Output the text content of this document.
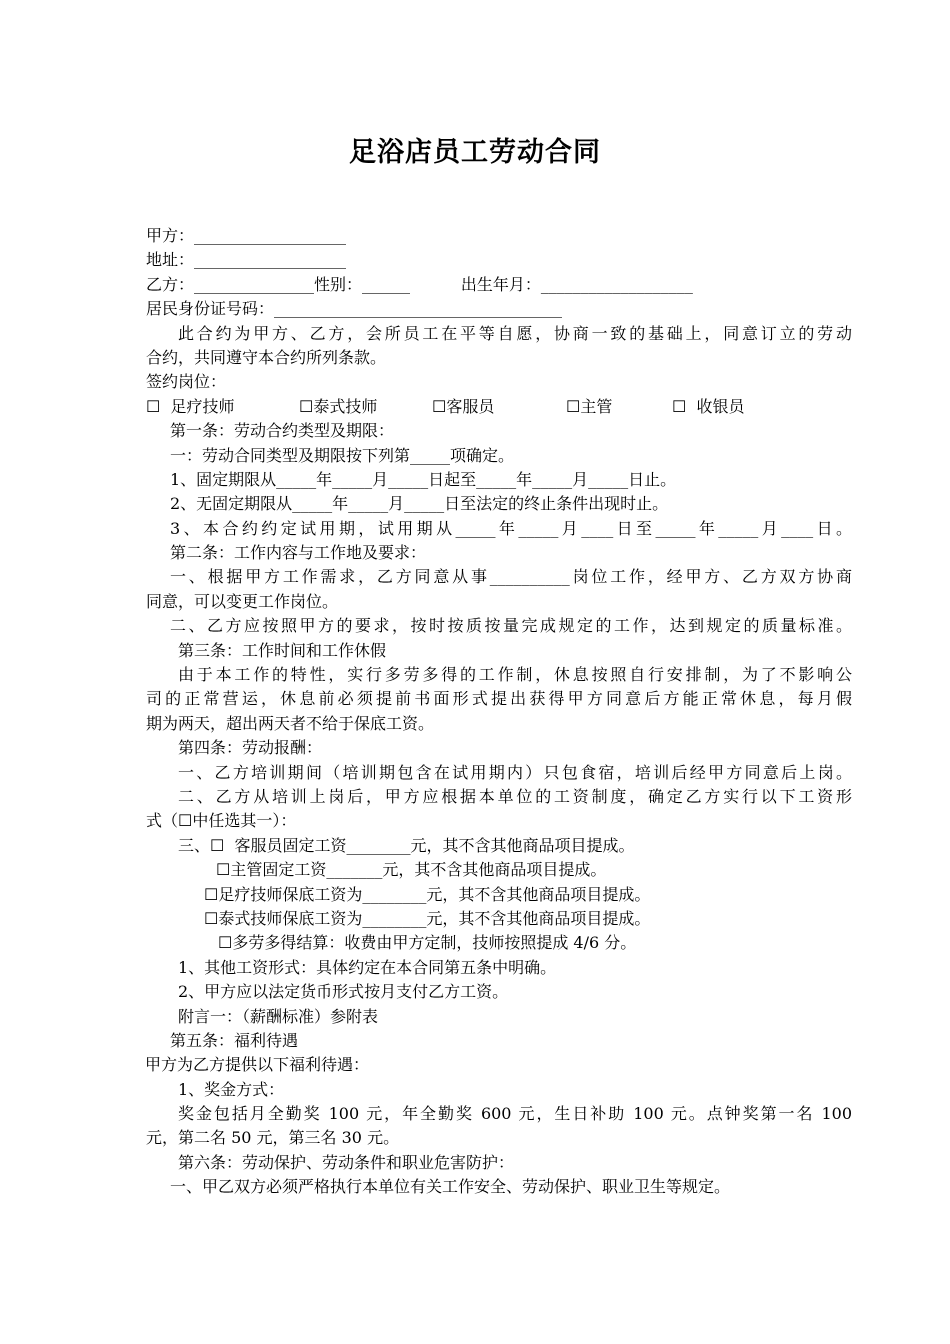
足浴店员工劳动合同
甲方：___________________
地址：___________________
乙方：_______________性别：______          出生年月：___________________
居民身份证号码：____________________________________
此合约为甲方、乙方，会所员工在平等自愿，协商一致的基础上，同意订立的劳动
合约，共同遵守本合约所列条款。
签约岗位：
☐  足疗技师	☐泰式技师	☐客服员	☐主管	☐  收银员
第一条：劳动合约类型及期限：
一：劳动合同类型及期限按下列第_____项确定。
1、固定期限从_____年_____月_____日起至_____年_____月_____日止。
2、无固定期限从_____年_____月_____日至法定的终止条件出现时止。
3、本合约约定试用期，试用期从_____年_____月____日至_____年_____月____日。
第二条：工作内容与工作地及要求：
一、根据甲方工作需求，乙方同意从事__________岗位工作，经甲方、乙方双方协商
同意，可以变更工作岗位。
二、乙方应按照甲方的要求，按时按质按量完成规定的工作，达到规定的质量标准。
第三条：工作时间和工作休假
由于本工作的特性，实行多劳多得的工作制，休息按照自行安排制，为了不影响公
司的正常营运，休息前必须提前书面形式提出获得甲方同意后方能正常休息，每月假
期为两天，超出两天者不给于保底工资。
第四条：劳动报酬：
一、乙方培训期间（培训期包含在试用期内）只包食宿，培训后经甲方同意后上岗。
二、乙方从培训上岗后，甲方应根据本单位的工资制度，确定乙方实行以下工资形
式（☐中任选其一）：
三、☐  客服员固定工资________元，其不含其他商品项目提成。
☐主管固定工资_______元，其不含其他商品项目提成。
☐足疗技师保底工资为________元，其不含其他商品项目提成。
☐泰式技师保底工资为________元，其不含其他商品项目提成。
☐多劳多得结算：收费由甲方定制，技师按照提成 4/6 分。
1、其他工资形式：具体约定在本合同第五条中明确。
2、甲方应以法定货币形式按月支付乙方工资。
附言一：（薪酬标准）参附表
第五条：福利待遇
甲方为乙方提供以下福利待遇：
1、奖金方式：
奖金包括月全勤奖 100 元，年全勤奖 600 元，生日补助 100 元。点钟奖第一名 100
元，第二名 50 元，第三名 30 元。
第六条：劳动保护、劳动条件和职业危害防护：
一、甲乙双方必须严格执行本单位有关工作安全、劳动保护、职业卫生等规定。
